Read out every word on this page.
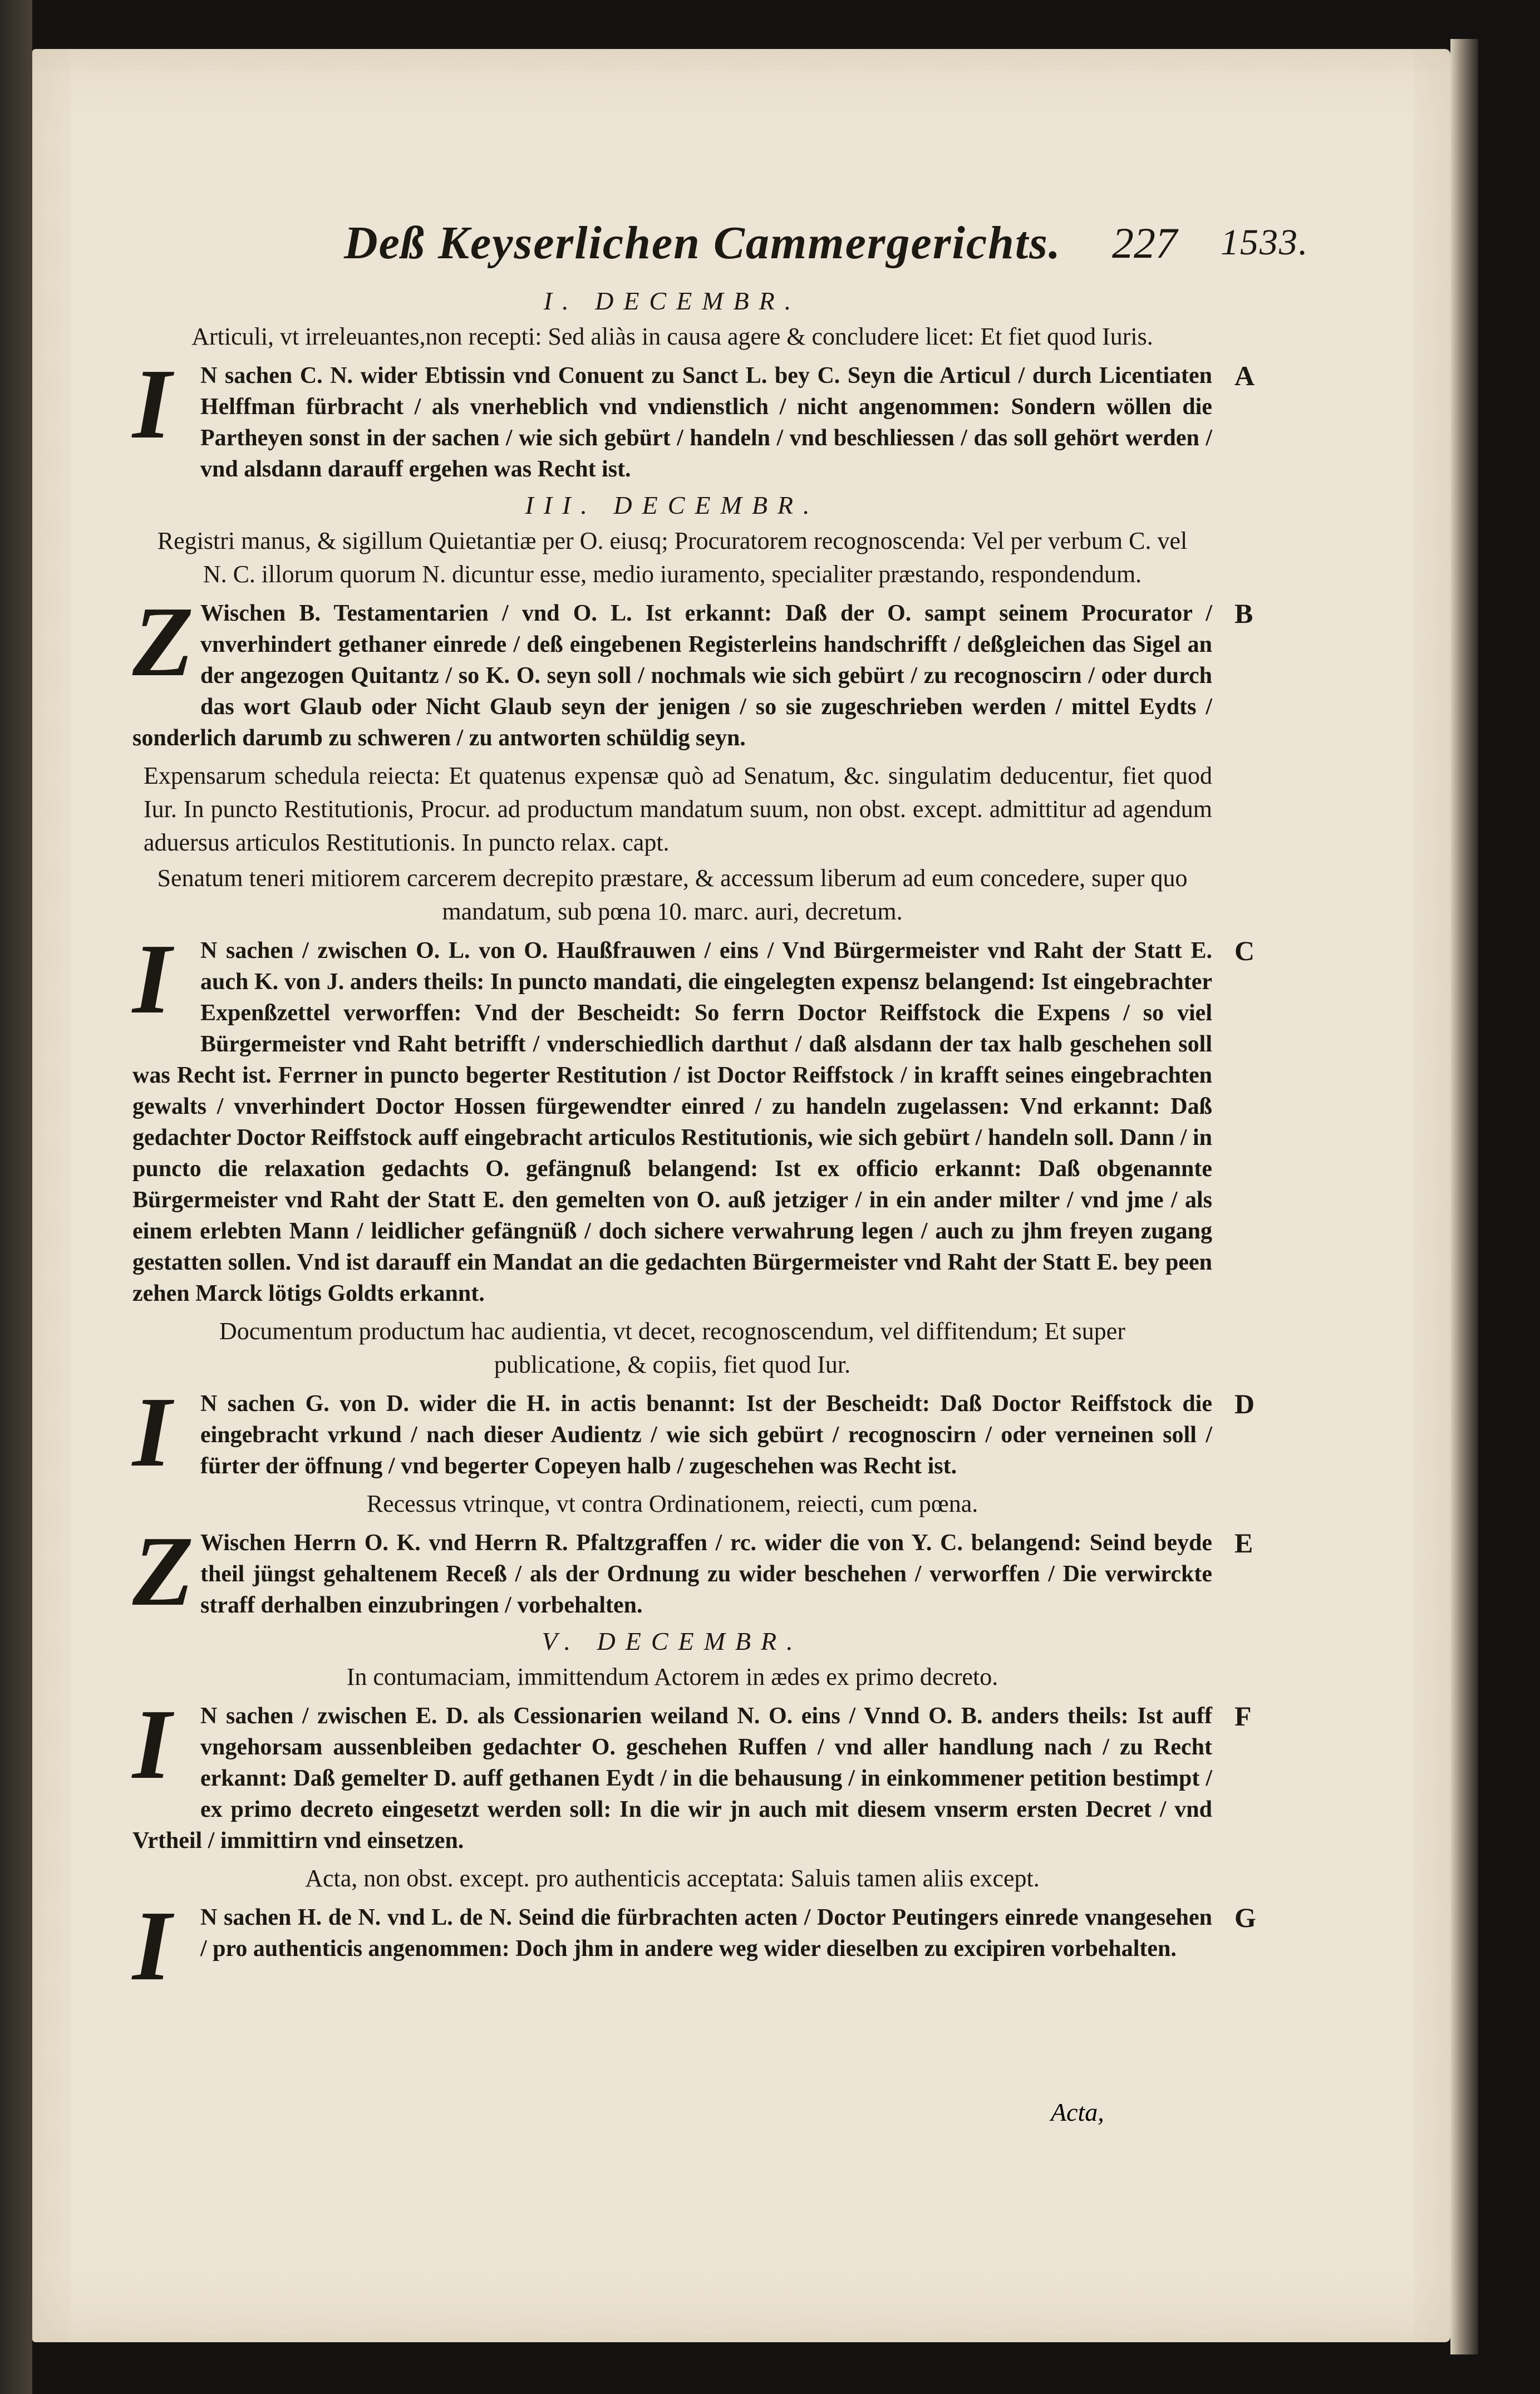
Deß Keyserlichen Cammergerichts. 227 1533.
I. DECEMBR.
Articuli, vt irreleuantes,non recepti: Sed aliàs in causa agere & concludere licet: Et fiet quod Iuris.
I	N sachen C. N. wider Ebtissin vnd Conuent zu Sanct L. bey C. Seyn die Articul / durch Licentiaten Helffman fürbracht / als vnerheblich vnd vndienstlich / nicht angenommen: Sondern wöllen die Partheyen sonst in der sachen / wie sich gebürt / handeln / vnd beschliessen / das soll gehört werden / vnd alsdann darauff ergehen was Recht ist.
A
III. DECEMBR.
Registri manus, & sigillum Quietantiæ per O. eiusq; Procuratorem recognoscenda: Vel per verbum C. vel N. C. illorum quorum N. dicuntur esse, medio iuramento, specialiter præstando, respondendum.
Z Wischen B. Testamentarien / vnd O. L. Ist erkannt: Daß der O. sampt seinem Procurator / vnverhindert gethaner einrede / deß eingebenen Registerleins handschrifft / deßgleichen das Sigel an der angezogen Quitantz / so K. O. seyn soll / nochmals wie sich gebürt / zu recognoscirn / oder durch das wort Glaub oder Nicht Glaub seyn der jenigen / so sie zugeschrieben werden / mittel Eydts / sonderlich darumb zu schweren / zu antworten schüldig seyn.
B
Expensarum schedula reiecta: Et quatenus expensæ quò ad Senatum, &c. singulatim deducentur, fiet quod Iur. In puncto Restitutionis, Procur. ad productum mandatum suum, non obst. except. admittitur ad agendum aduersus articulos Restitutionis. In puncto relax. capt.
Senatum teneri mitiorem carcerem decrepito præstare, & accessum liberum ad eum concedere, super quo mandatum, sub pœna 10. marc. auri, decretum.
I	N sachen / zwischen O. L. von O. Haußfrauwen / eins / Vnd Bürgermeister vnd Raht der Statt E. auch K. von J. anders theils: In puncto mandati, die eingelegten expensz belangend: Ist eingebrachter Expenßzettel verworffen: Vnd der Bescheidt: So ferrn Doctor Reiffstock die Expens / so viel Bürgermeister vnd Raht betrifft / vnderschiedlich darthut / daß alsdann der tax halb geschehen soll was Recht ist. Ferrner in puncto begerter Restitution / ist Doctor Reiffstock / in krafft seines eingebrachten gewalts / vnverhindert Doctor Hossen fürgewendter einred / zu handeln zugelassen: Vnd erkannt: Daß gedachter Doctor Reiffstock auff eingebracht articulos Restitutionis, wie sich gebürt / handeln soll. Dann / in puncto die relaxation gedachts O. gefängnuß belangend: Ist ex officio erkannt: Daß obgenannte Bürgermeister vnd Raht der Statt E. den gemelten von O. auß jetziger / in ein ander milter / vnd jme / als einem erlebten Mann / leidlicher gefängnüß / doch sichere verwahrung legen / auch zu jhm freyen zugang gestatten sollen. Vnd ist darauff ein Mandat an die gedachten Bürgermeister vnd Raht der Statt E. bey peen zehen Marck lötigs Goldts erkannt.
C
Documentum productum hac audientia, vt decet, recognoscendum, vel diffitendum; Et super publicatione, & copiis, fiet quod Iur.
I	N sachen G. von D. wider die H. in actis benannt: Ist der Bescheidt: Daß Doctor Reiffstock die eingebracht vrkund / nach dieser Audientz / wie sich gebürt / recognoscirn / oder verneinen soll / fürter der öffnung / vnd begerter Copeyen halb / zugeschehen was Recht ist.
D
Recessus vtrinque, vt contra Ordinationem, reiecti, cum pœna.
Z Wischen Herrn O. K. vnd Herrn R. Pfaltzgraffen / rc. wider die von Y. C. belangend: Seind beyde theil jüngst gehaltenem Receß / als der Ordnung zu wider beschehen / verworffen / Die verwirckte straff derhalben einzubringen / vorbehalten.
E
V. DECEMBR.
In contumaciam, immittendum Actorem in ædes ex primo decreto.
I	N sachen / zwischen E. D. als Cessionarien weiland N. O. eins / Vnnd O. B. anders theils: Ist auff vngehorsam aussenbleiben gedachter O. geschehen Ruffen / vnd aller handlung nach / zu Recht erkannt: Daß gemelter D. auff gethanen Eydt / in die behausung / in einkommener petition bestimpt / ex primo decreto eingesetzt werden soll: In die wir jn auch mit diesem vnserm ersten Decret / vnd Vrtheil / immittirn vnd einsetzen.
F
Acta, non obst. except. pro authenticis acceptata: Saluis tamen aliis except.
I	N sachen H. de N. vnd L. de N. Seind die fürbrachten acten / Doctor Peutingers einrede vnangesehen / pro authenticis angenommen: Doch jhm in andere weg wider dieselben zu excipiren vorbehalten.
G
Acta,
